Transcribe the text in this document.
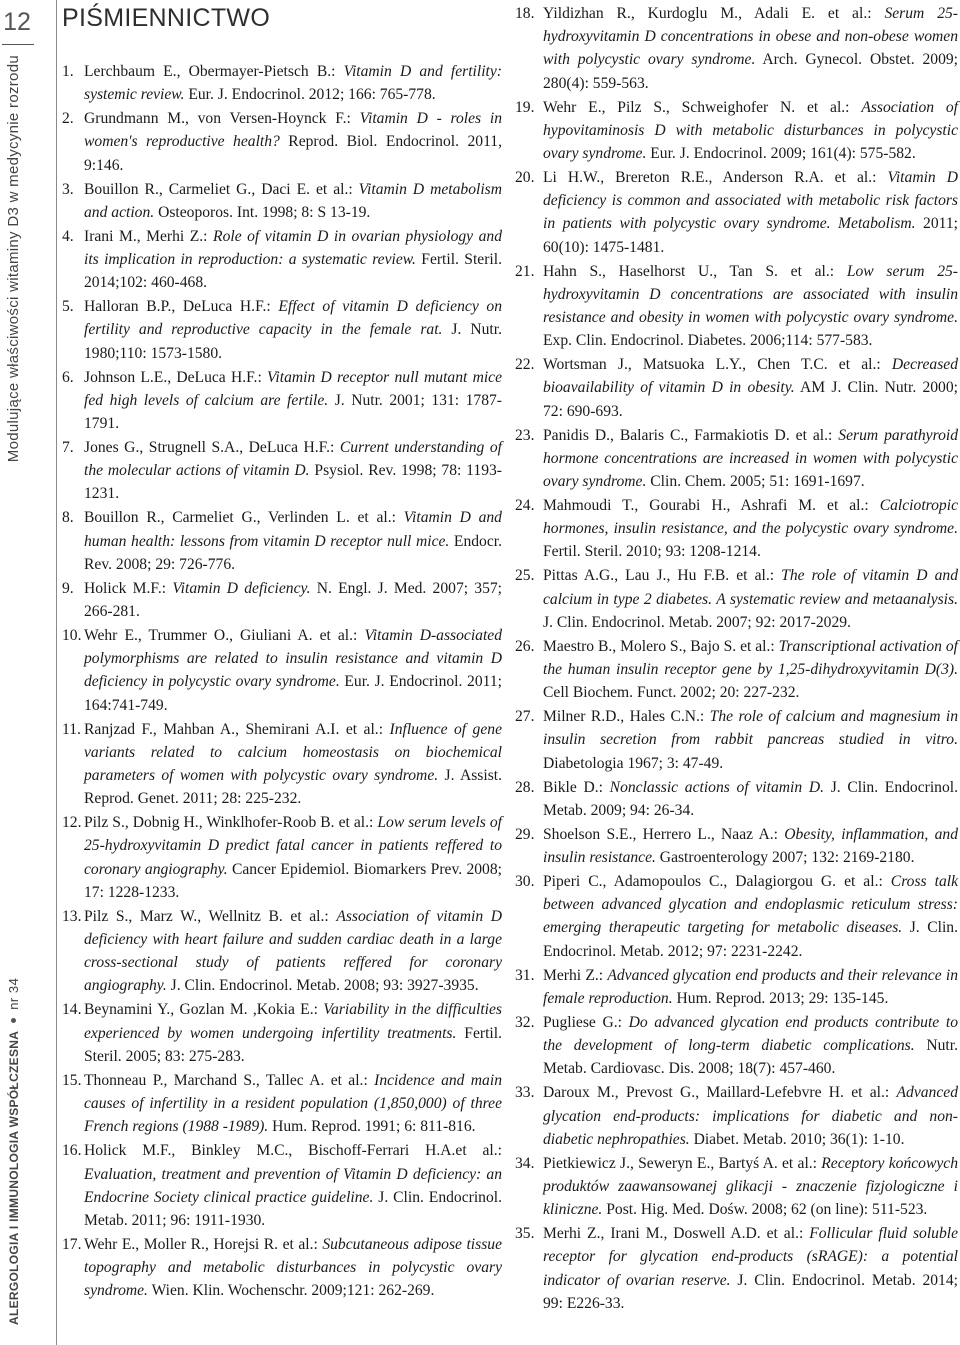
12
ALERGOLOGIA I IMMUNOLOGIA WSPÓŁCZESNA
nr 34
Modulujące właściwości witaminy D3 w medycynie rozrodu
PIŚMIENNICTWO
1. Lerchbaum E., Obermayer-Pietsch B.: Vitamin D and fertility: systemic review. Eur. J. Endocrinol. 2012; 166: 765-778.
2. Grundmann M., von Versen-Hoynck F.: Vitamin D - roles in women's reproductive health? Reprod. Biol. Endocrinol. 2011, 9:146.
3. Bouillon R., Carmeliet G., Daci E. et al.: Vitamin D metabolism and action. Osteoporos. Int. 1998; 8: S 13-19.
4. Irani M., Merhi Z.: Role of vitamin D in ovarian physiology and its implication in reproduction: a systematic review. Fertil. Steril. 2014;102: 460-468.
5. Halloran B.P., DeLuca H.F.: Effect of vitamin D deficiency on fertility and reproductive capacity in the female rat. J. Nutr. 1980;110: 1573-1580.
6. Johnson L.E., DeLuca H.F.: Vitamin D receptor null mutant mice fed high levels of calcium are fertile. J. Nutr. 2001; 131: 1787-1791.
7. Jones G., Strugnell S.A., DeLuca H.F.: Current understanding of the molecular actions of vitamin D. Psysiol. Rev. 1998; 78: 1193-1231.
8. Bouillon R., Carmeliet G., Verlinden L. et al.: Vitamin D and human health: lessons from vitamin D receptor null mice. Endocr. Rev. 2008; 29: 726-776.
9. Holick M.F.: Vitamin D deficiency. N. Engl. J. Med. 2007; 357; 266-281.
10. Wehr E., Trummer O., Giuliani A. et al.: Vitamin D-associated polymorphisms are related to insulin resistance and vitamin D deficiency in polycystic ovary syndrome. Eur. J. Endocrinol. 2011; 164:741-749.
11. Ranjzad F., Mahban A., Shemirani A.I. et al.: Influence of gene variants related to calcium homeostasis on biochemical parameters of women with polycystic ovary syndrome. J. Assist. Reprod. Genet. 2011; 28: 225-232.
12. Pilz S., Dobnig H., Winklhofer-Roob B. et al.: Low serum levels of 25-hydroxyvitamin D predict fatal cancer in patients reffered to coronary angiography. Cancer Epidemiol. Biomarkers Prev. 2008; 17: 1228-1233.
13. Pilz S., Marz W., Wellnitz B. et al.: Association of vitamin D deficiency with heart failure and sudden cardiac death in a large cross-sectional study of patients reffered for coronary angiography. J. Clin. Endocrinol. Metab. 2008; 93: 3927-3935.
14. Beynamini Y., Gozlan M. ,Kokia E.: Variability in the difficulties experienced by women undergoing infertility treatments. Fertil. Steril. 2005; 83: 275-283.
15. Thonneau P., Marchand S., Tallec A. et al.: Incidence and main causes of infertility in a resident population (1,850,000) of three French regions (1988 -1989). Hum. Reprod. 1991; 6: 811-816.
16. Holick M.F., Binkley M.C., Bischoff-Ferrari H.A.et al.: Evaluation, treatment and prevention of Vitamin D deficiency: an Endocrine Society clinical practice guideline. J. Clin. Endocrinol. Metab. 2011; 96: 1911-1930.
17. Wehr E., Moller R., Horejsi R. et al.: Subcutaneous adipose tissue topography and metabolic disturbances in polycystic ovary syndrome. Wien. Klin. Wochenschr. 2009;121: 262-269.
18. Yildizhan R., Kurdoglu M., Adali E. et al.: Serum 25-hydroxyvitamin D concentrations in obese and non-obese women with polycystic ovary syndrome. Arch. Gynecol. Obstet. 2009; 280(4): 559-563.
19. Wehr E., Pilz S., Schweighofer N. et al.: Association of hypovitaminosis D with metabolic disturbances in polycystic ovary syndrome. Eur. J. Endocrinol. 2009; 161(4): 575-582.
20. Li H.W., Brereton R.E., Anderson R.A. et al.: Vitamin D deficiency is common and associated with metabolic risk factors in patients with polycystic ovary syndrome. Metabolism. 2011; 60(10): 1475-1481.
21. Hahn S., Haselhorst U., Tan S. et al.: Low serum 25-hydroxyvitamin D concentrations are associated with insulin resistance and obesity in women with polycystic ovary syndrome. Exp. Clin. Endocrinol. Diabetes. 2006;114: 577-583.
22. Wortsman J., Matsuoka L.Y., Chen T.C. et al.: Decreased bioavailability of vitamin D in obesity. AM J. Clin. Nutr. 2000; 72: 690-693.
23. Panidis D., Balaris C., Farmakiotis D. et al.: Serum parathyroid hormone concentrations are increased in women with polycystic ovary syndrome. Clin. Chem. 2005; 51: 1691-1697.
24. Mahmoudi T., Gourabi H., Ashrafi M. et al.: Calciotropic hormones, insulin resistance, and the polycystic ovary syndrome. Fertil. Steril. 2010; 93: 1208-1214.
25. Pittas A.G., Lau J., Hu F.B. et al.: The role of vitamin D and calcium in type 2 diabetes. A systematic review and metaanalysis. J. Clin. Endocrinol. Metab. 2007; 92: 2017-2029.
26. Maestro B., Molero S., Bajo S. et al.: Transcriptional activation of the human insulin receptor gene by 1,25-dihydroxyvitamin D(3). Cell Biochem. Funct. 2002; 20: 227-232.
27. Milner R.D., Hales C.N.: The role of calcium and magnesium in insulin secretion from rabbit pancreas studied in vitro. Diabetologia 1967; 3: 47-49.
28. Bikle D.: Nonclassic actions of vitamin D. J. Clin. Endocrinol. Metab. 2009; 94: 26-34.
29. Shoelson S.E., Herrero L., Naaz A.: Obesity, inflammation, and insulin resistance. Gastroenterology 2007; 132: 2169-2180.
30. Piperi C., Adamopoulos C., Dalagiorgou G. et al.: Cross talk between advanced glycation and endoplasmic reticulum stress: emerging therapeutic targeting for metabolic diseases. J. Clin. Endocrinol. Metab. 2012; 97: 2231-2242.
31. Merhi Z.: Advanced glycation end products and their relevance in female reproduction. Hum. Reprod. 2013; 29: 135-145.
32. Pugliese G.: Do advanced glycation end products contribute to the development of long-term diabetic complications. Nutr. Metab. Cardiovasc. Dis. 2008; 18(7): 457-460.
33. Daroux M., Prevost G., Maillard-Lefebvre H. et al.: Advanced glycation end-products: implications for diabetic and non-diabetic nephropathies. Diabet. Metab. 2010; 36(1): 1-10.
34. Pietkiewicz J., Seweryn E., Bartyś A. et al.: Receptory końcowych produktów zaawansowanej glikacji - znaczenie fizjologiczne i kliniczne. Post. Hig. Med. Dośw. 2008; 62 (on line): 511-523.
35. Merhi Z., Irani M., Doswell A.D. et al.: Follicular fluid soluble receptor for glycation end-products (sRAGE): a potential indicator of ovarian reserve. J. Clin. Endocrinol. Metab. 2014; 99: E226-33.
